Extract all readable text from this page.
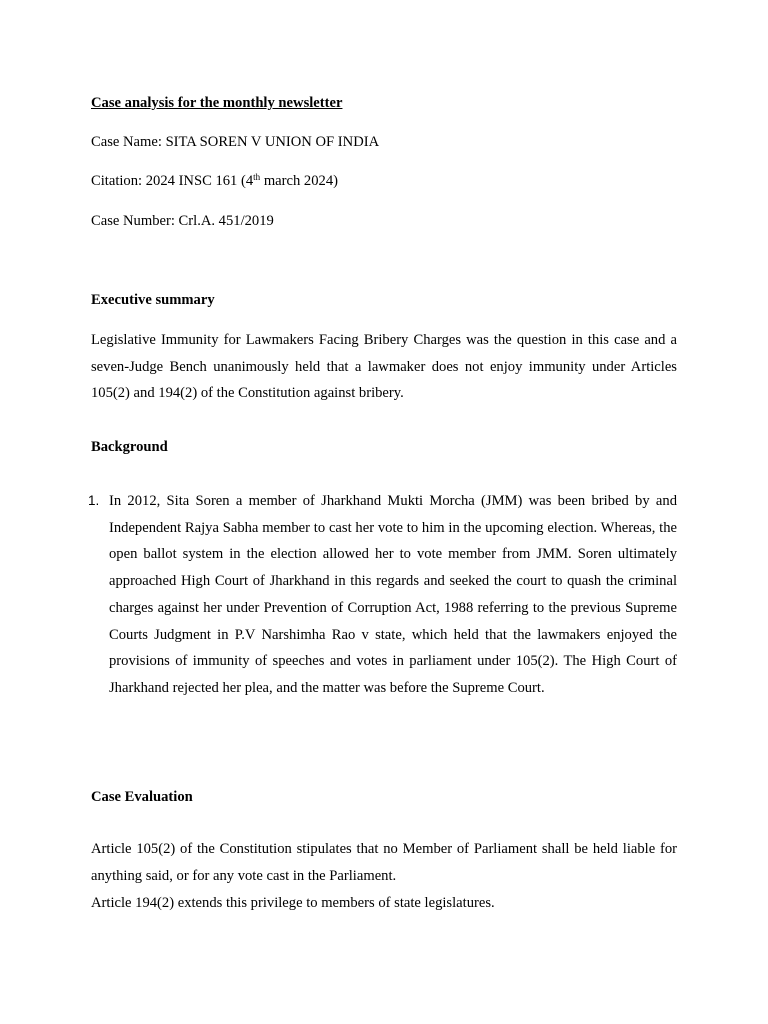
Case analysis for the monthly newsletter
Case Name: SITA SOREN V UNION OF INDIA
Citation: 2024 INSC 161 (4th march 2024)
Case Number: Crl.A. 451/2019
Executive summary
Legislative Immunity for Lawmakers Facing Bribery Charges was the question in this case and a seven-Judge Bench unanimously held that a lawmaker does not enjoy immunity under Articles 105(2) and 194(2) of the Constitution against bribery.
Background
1. In 2012, Sita Soren a member of Jharkhand Mukti Morcha (JMM) was been bribed by and Independent Rajya Sabha member to cast her vote to him in the upcoming election. Whereas, the open ballot system in the election allowed her to vote member from JMM. Soren ultimately approached High Court of Jharkhand in this regards and seeked the court to quash the criminal charges against her under Prevention of Corruption Act, 1988 referring to the previous Supreme Courts Judgment in P.V Narshimha Rao v state, which held that the lawmakers enjoyed the provisions of immunity of speeches and votes in parliament under 105(2). The High Court of Jharkhand rejected her plea, and the matter was before the Supreme Court.
Case Evaluation
Article 105(2) of the Constitution stipulates that no Member of Parliament shall be held liable for anything said, or for any vote cast in the Parliament.
Article 194(2) extends this privilege to members of state legislatures.
